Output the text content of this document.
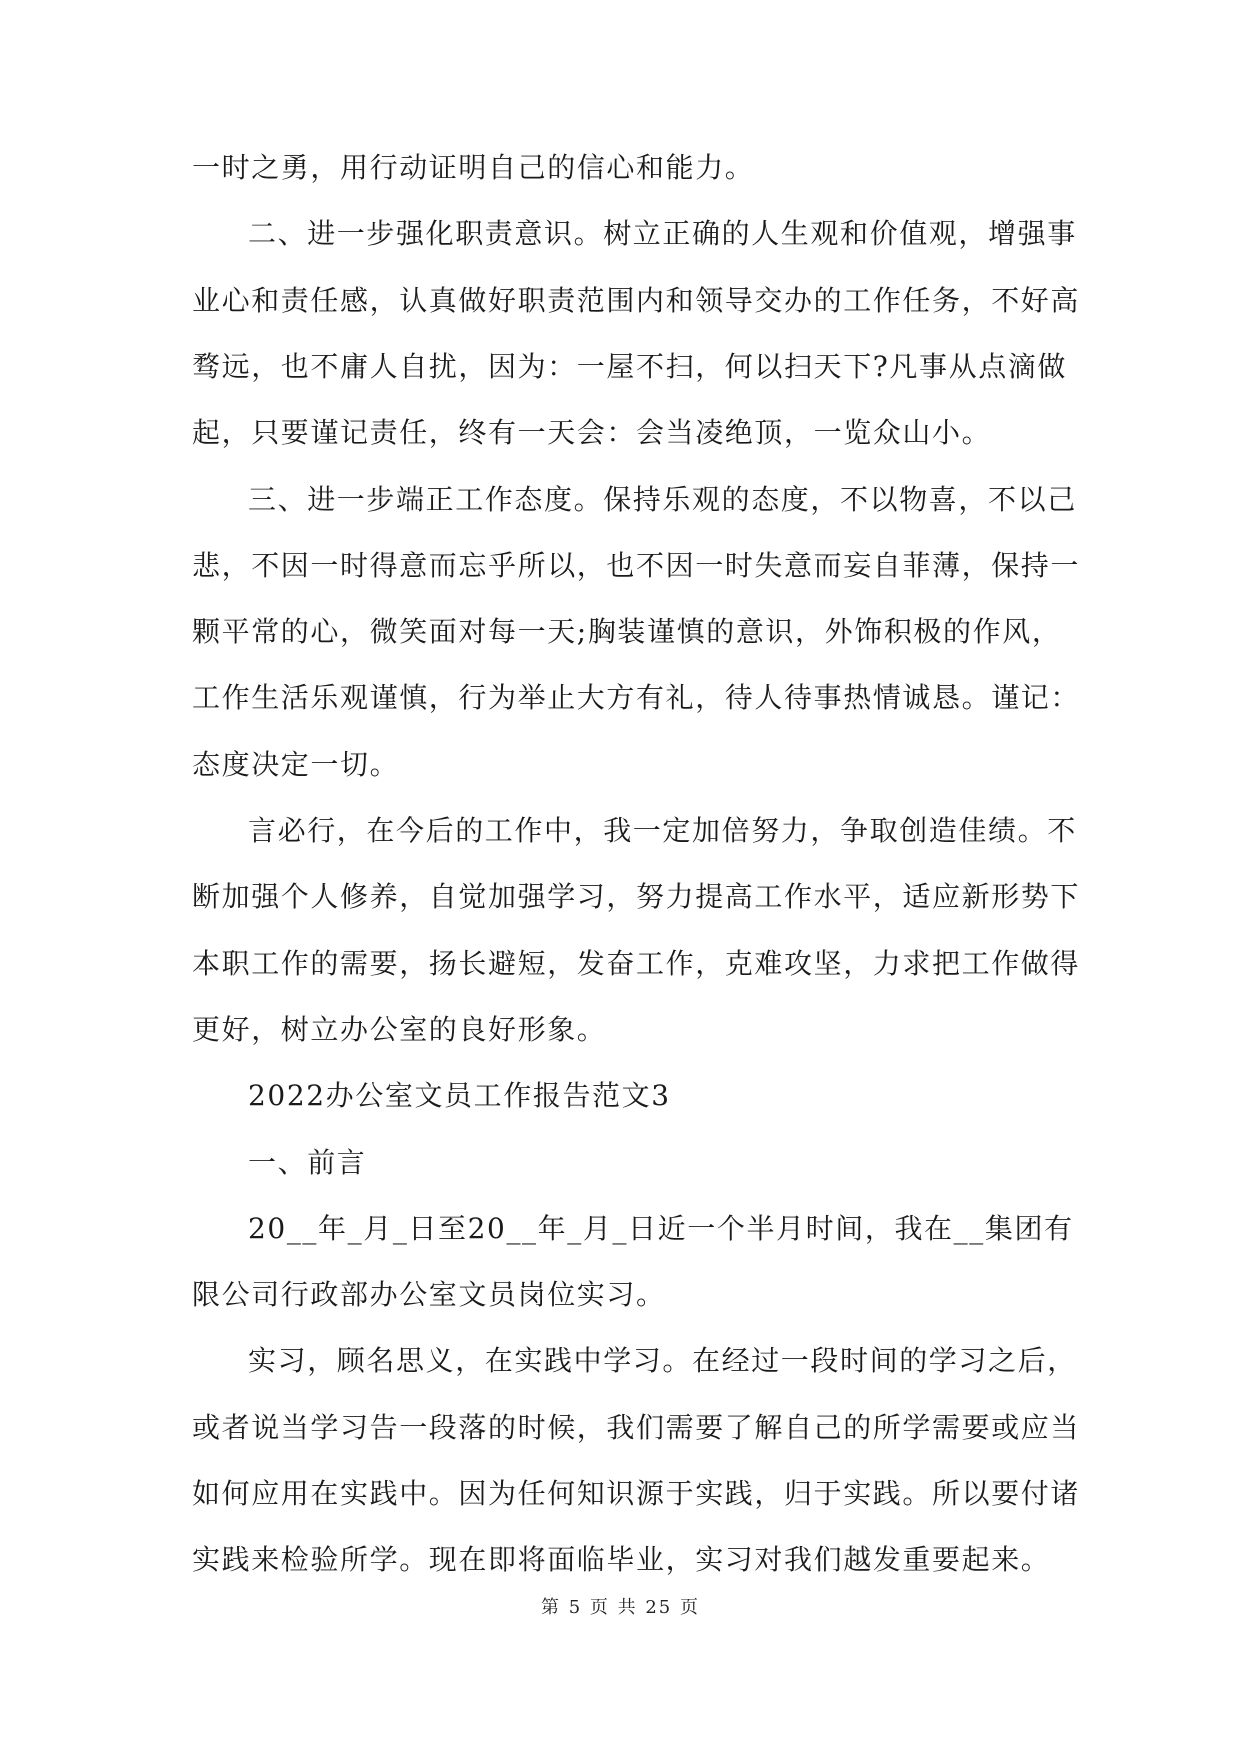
一时之勇，用行动证明自己的信心和能力。
二、进一步强化职责意识。树立正确的人生观和价值观，增强事
业心和责任感，认真做好职责范围内和领导交办的工作任务，不好高
骛远，也不庸人自扰，因为：一屋不扫，何以扫天下?凡事从点滴做
起，只要谨记责任，终有一天会：会当凌绝顶，一览众山小。
三、进一步端正工作态度。保持乐观的态度，不以物喜，不以己
悲，不因一时得意而忘乎所以，也不因一时失意而妄自菲薄，保持一
颗平常的心，微笑面对每一天;胸装谨慎的意识，外饰积极的作风，
工作生活乐观谨慎，行为举止大方有礼，待人待事热情诚恳。谨记：
态度决定一切。
言必行，在今后的工作中，我一定加倍努力，争取创造佳绩。不
断加强个人修养，自觉加强学习，努力提高工作水平，适应新形势下
本职工作的需要，扬长避短，发奋工作，克难攻坚，力求把工作做得
更好，树立办公室的良好形象。
2022办公室文员工作报告范文3
一、前言
20__年_月_日至20__年_月_日近一个半月时间，我在__集团有
限公司行政部办公室文员岗位实习。
实习，顾名思义，在实践中学习。在经过一段时间的学习之后，
或者说当学习告一段落的时候，我们需要了解自己的所学需要或应当
如何应用在实践中。因为任何知识源于实践，归于实践。所以要付诸
实践来检验所学。现在即将面临毕业，实习对我们越发重要起来。
第 5 页 共 25 页
